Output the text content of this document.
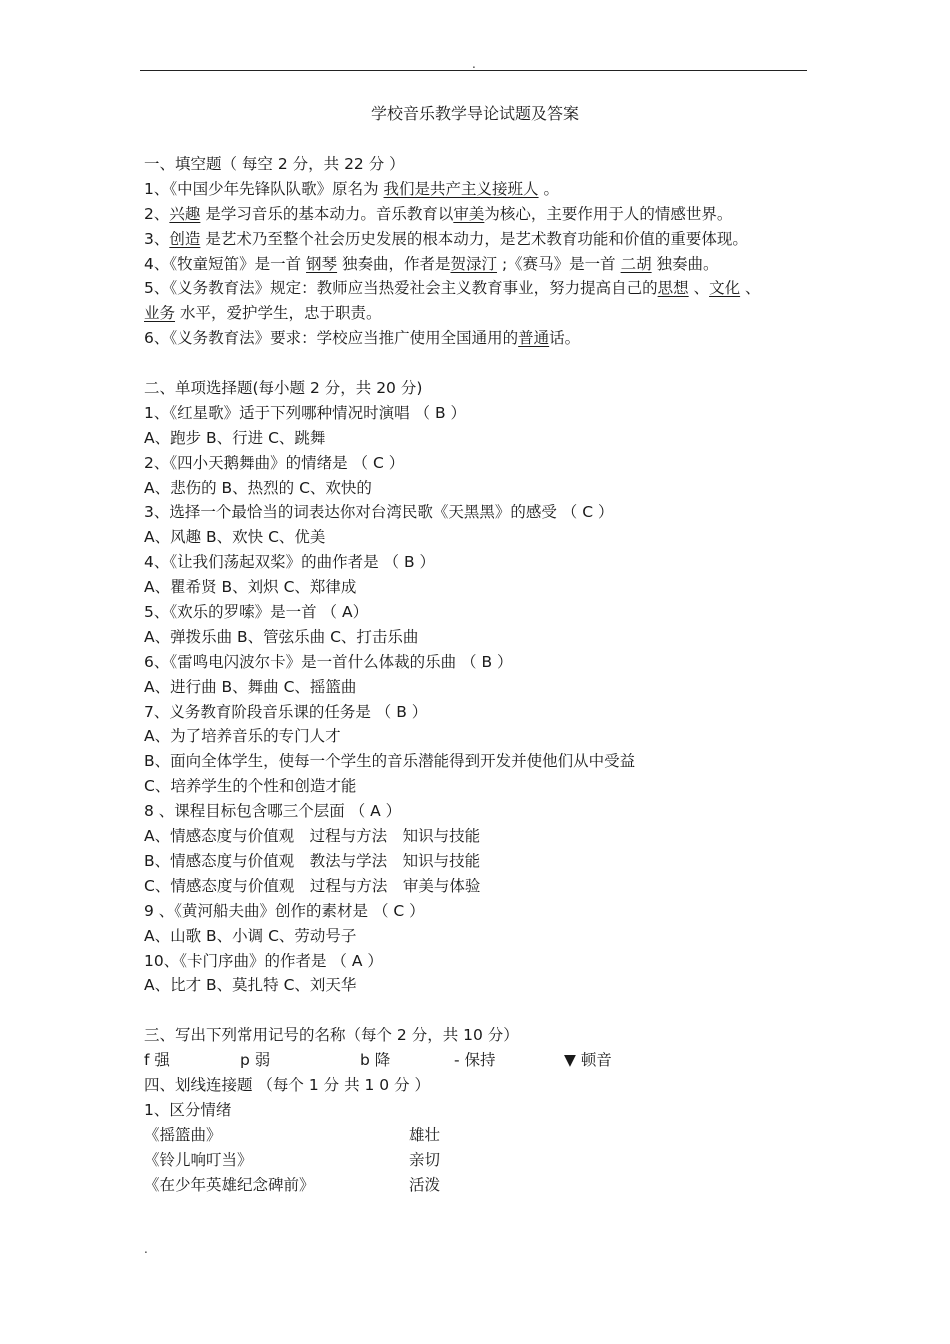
.
学校音乐教学导论试题及答案
一、填空题（ 每空 2 分，共 22 分 ）
1、《中国少年先锋队队歌》原名为 我们是共产主义接班人 。
2、兴趣 是学习音乐的基本动力。音乐教育以审美为核心，主要作用于人的情感世界。
3、创造 是艺术乃至整个社会历史发展的根本动力，是艺术教育功能和价值的重要体现。
4、《牧童短笛》是一首 钢琴 独奏曲，作者是贺渌汀 ;《赛马》是一首 二胡 独奏曲。
5、《义务教育法》规定：教师应当热爱社会主义教育事业，努力提高自己的思想 、文化 、
业务 水平，爱护学生，忠于职责。
6、《义务教育法》要求：学校应当推广使用全国通用的普通话。
二、单项选择题(每小题 2 分，共 20 分)
1、《红星歌》适于下列哪种情况时演唱 （ B ）
A、跑步 B、行进 C、跳舞
2、《四小天鹅舞曲》的情绪是 （ C ）
A、悲伤的 B、热烈的 C、欢快的
3、选择一个最恰当的词表达你对台湾民歌《天黑黑》的感受 （ C ）
A、风趣 B、欢快 C、优美
4、《让我们荡起双桨》的曲作者是 （ B ）
A、瞿希贤 B、刘炽 C、郑律成
5、《欢乐的罗嗦》是一首 （ A）
A、弹拨乐曲 B、管弦乐曲 C、打击乐曲
6、《雷鸣电闪波尔卡》是一首什么体裁的乐曲 （ B ）
A、进行曲 B、舞曲 C、摇篮曲
7、义务教育阶段音乐课的任务是 （ B ）
A、为了培养音乐的专门人才
B、面向全体学生，使每一个学生的音乐潜能得到开发并使他们从中受益
C、培养学生的个性和创造才能
8 、课程目标包含哪三个层面 （ A ）
A、情感态度与价值观　过程与方法　知识与技能
B、情感态度与价值观　教法与学法　知识与技能
C、情感态度与价值观　过程与方法　审美与体验
9 、《黄河船夫曲》创作的素材是 （ C ）
A、山歌 B、小调 C、劳动号子
10、《卡门序曲》的作者是 （ A ）
A、比才 B、莫扎特 C、刘天华
三、写出下列常用记号的名称（每个 2 分，共 10 分）
f 强	p 弱	b 降	- 保持	▼ 顿音
四、划线连接题 （每个 1 分 共 1 0 分 ）
1、区分情绪
《摇篮曲》	雄壮
《铃儿响叮当》	亲切
《在少年英雄纪念碑前》	活泼
.
